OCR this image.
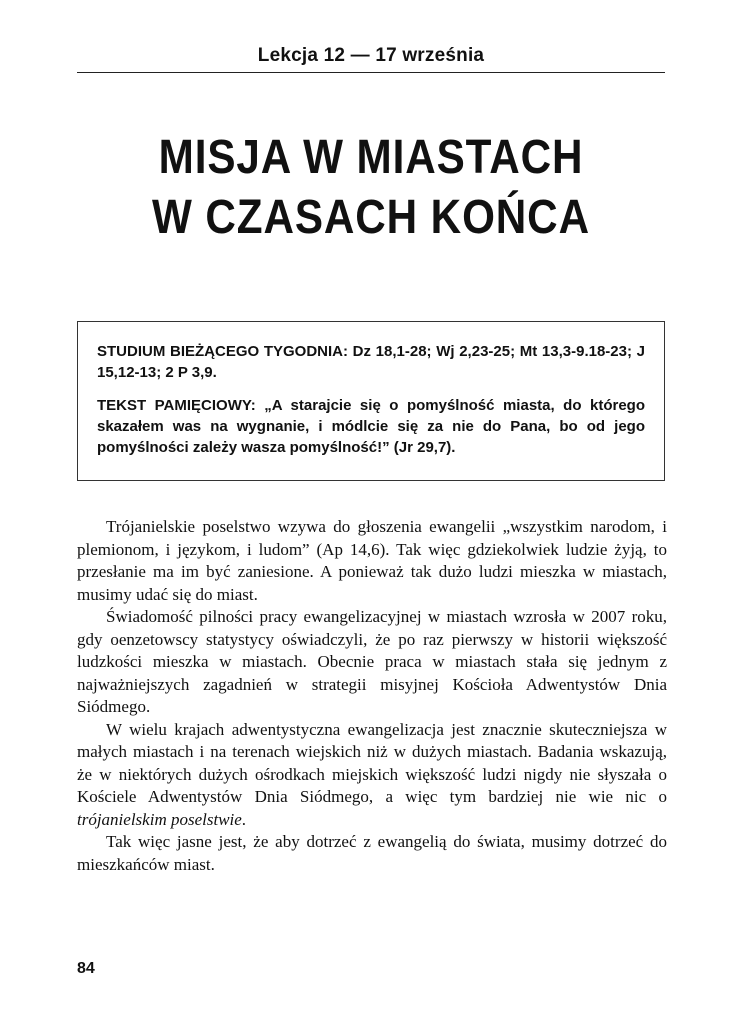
Lekcja 12 — 17 września
MISJA W MIASTACH
W CZASACH KOŃCA

STUDIUM BIEŻĄCEGO TYGODNIA: Dz 18,1-28; Wj 2,23-25; Mt 13,3-9.18-23; J 15,12-13; 2 P 3,9.

TEKST PAMIĘCIOWY: „A starajcie się o pomyślność miasta, do którego skazałem was na wygnanie, i módlcie się za nie do Pana, bo od jego pomyślności zależy wasza pomyślność!” (Jr 29,7).

Trójanielskie poselstwo wzywa do głoszenia ewangelii „wszystkim narodom, i plemionom, i językom, i ludom” (Ap 14,6). Tak więc gdziekolwiek ludzie żyją, to przesłanie ma im być zaniesione. A ponieważ tak dużo ludzi mieszka w miastach, musimy udać się do miast.

Świadomość pilności pracy ewangelizacyjnej w miastach wzrosła w 2007 roku, gdy oenzetowscy statystycy oświadczyli, że po raz pierwszy w historii większość ludzkości mieszka w miastach. Obecnie praca w miastach stała się jednym z najważniejszych zagadnień w strategii misyjnej Kościoła Adwentystów Dnia Siódmego.

W wielu krajach adwentystyczna ewangelizacja jest znacznie skuteczniejsza w małych miastach i na terenach wiejskich niż w dużych miastach. Badania wskazują, że w niektórych dużych ośrodkach miejskich większość ludzi nigdy nie słyszała o Kościele Adwentystów Dnia Siódmego, a więc tym bardziej nie wie nic o trójanielskim poselstwie.

Tak więc jasne jest, że aby dotrzeć z ewangelią do świata, musimy dotrzeć do mieszkańców miast.

84
